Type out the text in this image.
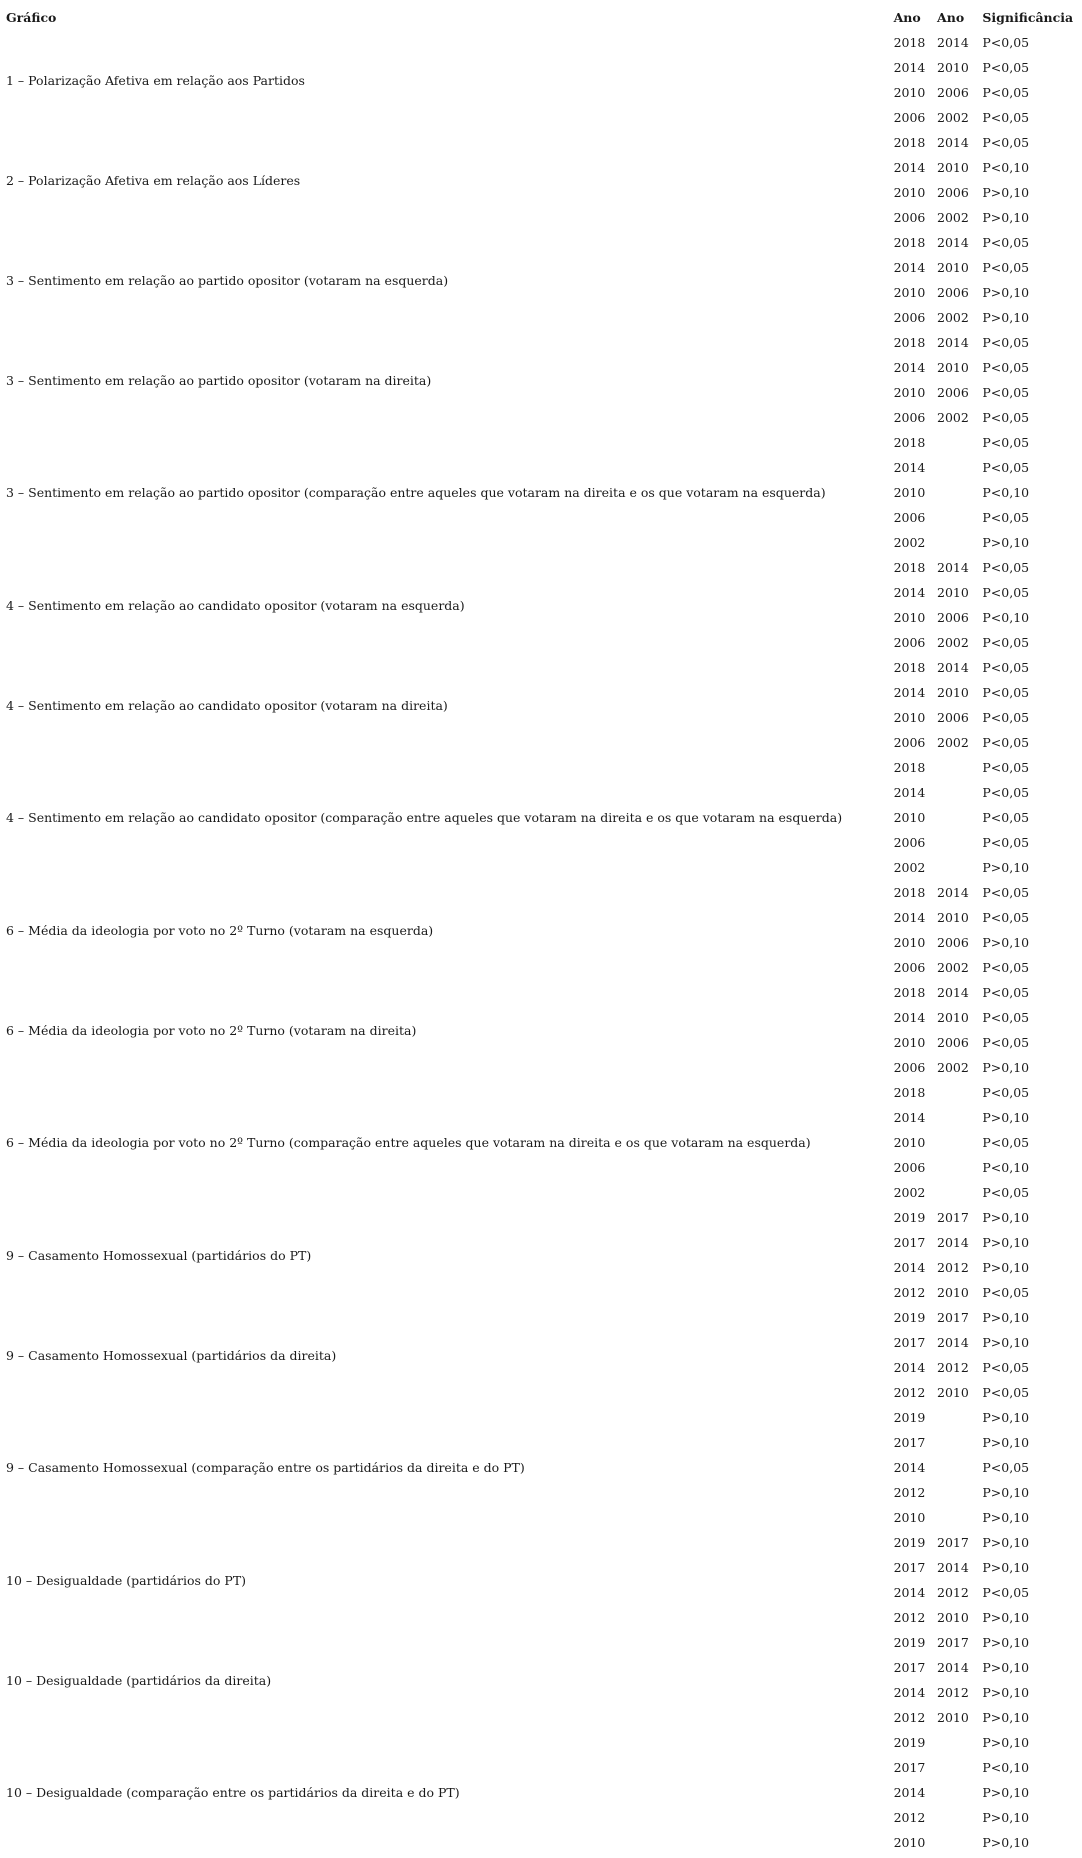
Gráfico	Ano	Ano	Significância
1 – Polarização Afetiva em relação aos Partidos	2018	2014	P<0,05
	2014	2010	P<0,05
	2010	2006	P<0,05
	2006	2002	P<0,05
2 – Polarização Afetiva em relação aos Líderes	2018	2014	P<0,05
	2014	2010	P<0,10
	2010	2006	P>0,10
	2006	2002	P>0,10
3 – Sentimento em relação ao partido opositor (votaram na esquerda)	2018	2014	P<0,05
	2014	2010	P<0,05
	2010	2006	P>0,10
	2006	2002	P>0,10
3 – Sentimento em relação ao partido opositor (votaram na direita)	2018	2014	P<0,05
	2014	2010	P<0,05
	2010	2006	P<0,05
	2006	2002	P<0,05
3 – Sentimento em relação ao partido opositor (comparação entre aqueles que votaram na direita e os que votaram na esquerda)	2018		P<0,05
	2014		P<0,05
	2010		P<0,10
	2006		P<0,05
	2002		P>0,10
4 – Sentimento em relação ao candidato opositor (votaram na esquerda)	2018	2014	P<0,05
	2014	2010	P<0,05
	2010	2006	P<0,10
	2006	2002	P<0,05
4 – Sentimento em relação ao candidato opositor (votaram na direita)	2018	2014	P<0,05
	2014	2010	P<0,05
	2010	2006	P<0,05
	2006	2002	P<0,05
4 – Sentimento em relação ao candidato opositor (comparação entre aqueles que votaram na direita e os que votaram na esquerda)	2018		P<0,05
	2014		P<0,05
	2010		P<0,05
	2006		P<0,05
	2002		P>0,10
6 – Média da ideologia por voto no 2º Turno (votaram na esquerda)	2018	2014	P<0,05
	2014	2010	P<0,05
	2010	2006	P>0,10
	2006	2002	P<0,05
6 – Média da ideologia por voto no 2º Turno (votaram na direita)	2018	2014	P<0,05
	2014	2010	P<0,05
	2010	2006	P<0,05
	2006	2002	P>0,10
6 – Média da ideologia por voto no 2º Turno (comparação entre aqueles que votaram na direita e os que votaram na esquerda)	2018		P<0,05
	2014		P>0,10
	2010		P<0,05
	2006		P<0,10
	2002		P<0,05
9 – Casamento Homossexual (partidários do PT)	2019	2017	P>0,10
	2017	2014	P>0,10
	2014	2012	P>0,10
	2012	2010	P<0,05
9 – Casamento Homossexual (partidários da direita)	2019	2017	P>0,10
	2017	2014	P>0,10
	2014	2012	P<0,05
	2012	2010	P<0,05
9 – Casamento Homossexual (comparação entre os partidários da direita e do PT)	2019		P>0,10
	2017		P>0,10
	2014		P<0,05
	2012		P>0,10
	2010		P>0,10
10 – Desigualdade (partidários do PT)	2019	2017	P>0,10
	2017	2014	P>0,10
	2014	2012	P<0,05
	2012	2010	P>0,10
10 – Desigualdade (partidários da direita)	2019	2017	P>0,10
	2017	2014	P>0,10
	2014	2012	P>0,10
	2012	2010	P>0,10
10 – Desigualdade (comparação entre os partidários da direita e do PT)	2019		P>0,10
	2017		P<0,10
	2014		P>0,10
	2012		P>0,10
	2010		P>0,10
